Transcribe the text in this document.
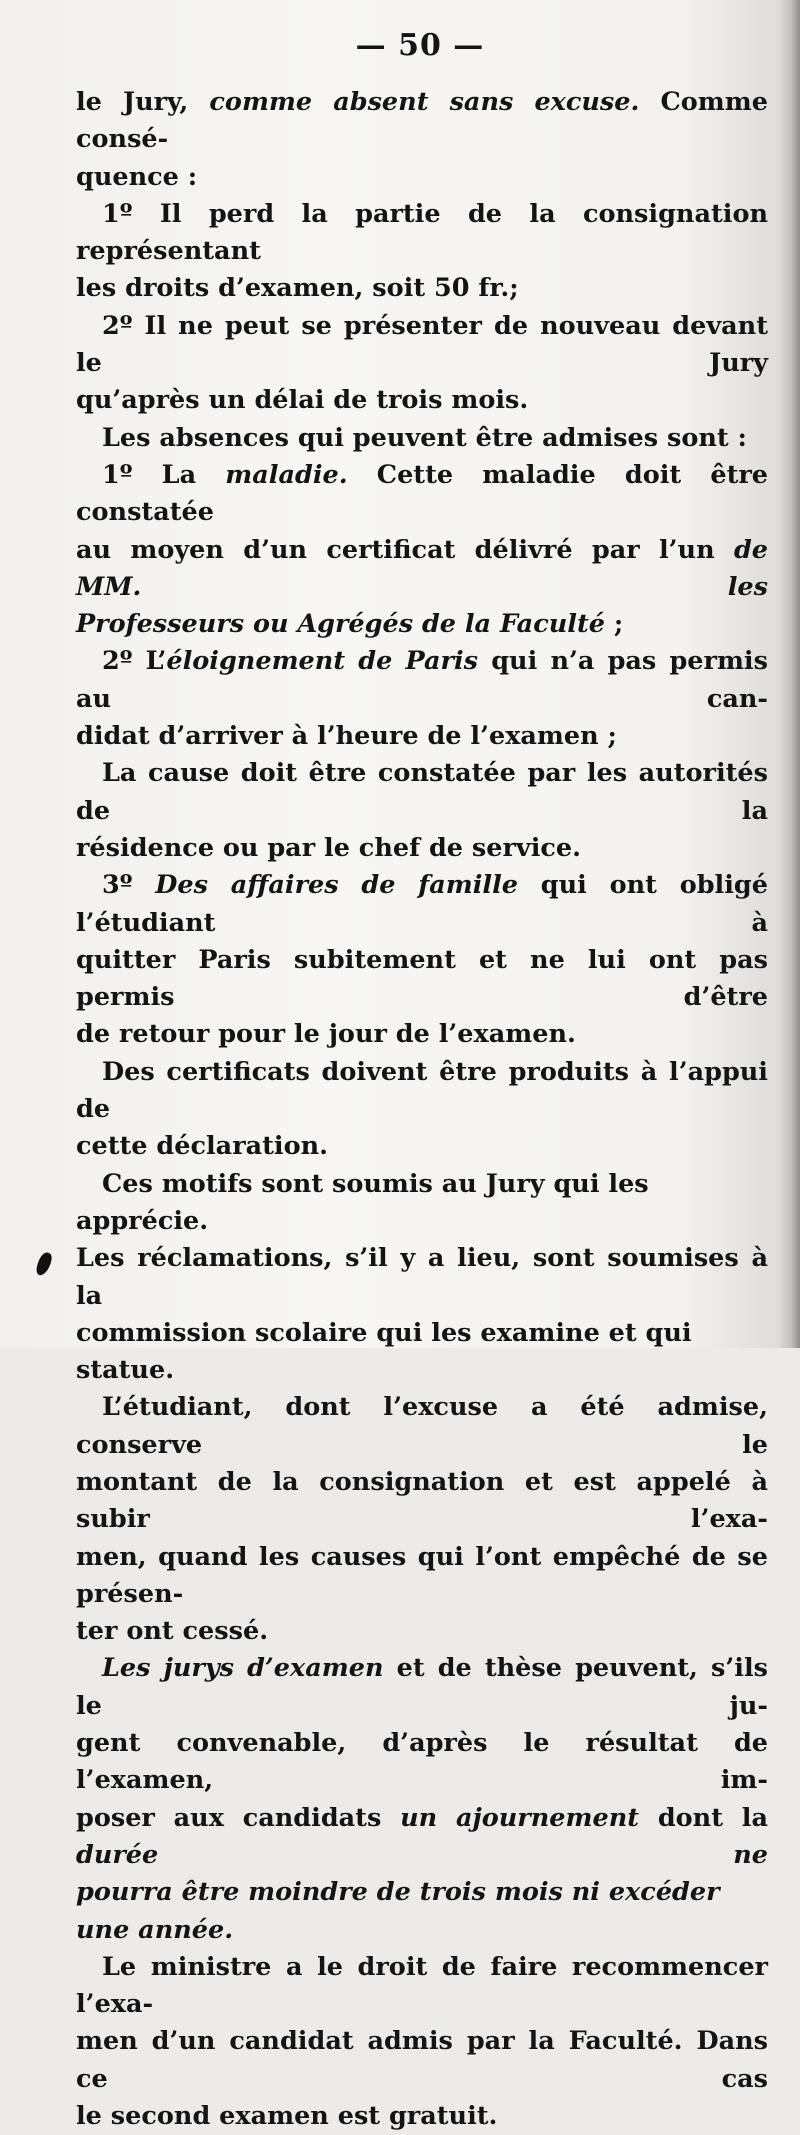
— 50 —

le Jury, comme absent sans excuse. Comme consé-

quence :

1º Il perd la partie de la consignation représentant

les droits d’examen, soit 50 fr.;

2º Il ne peut se présenter de nouveau devant le Jury

qu’après un délai de trois mois.

Les absences qui peuvent être admises sont :

1º La maladie. Cette maladie doit être constatée

au moyen d’un certificat délivré par l’un de MM. les

Professeurs ou Agrégés de la Faculté ;

2º L’éloignement de Paris qui n’a pas permis au can-

didat d’arriver à l’heure de l’examen ;

La cause doit être constatée par les autorités de la

résidence ou par le chef de service.

3º Des affaires de famille qui ont obligé l’étudiant à

quitter Paris subitement et ne lui ont pas permis d’être

de retour pour le jour de l’examen.

Des certificats doivent être produits à l’appui de

cette déclaration.

Ces motifs sont soumis au Jury qui les apprécie.

Les réclamations, s’il y a lieu, sont soumises à la

commission scolaire qui les examine et qui statue.

L’étudiant, dont l’excuse a été admise, conserve le

montant de la consignation et est appelé à subir l’exa-

men, quand les causes qui l’ont empêché de se présen-

ter ont cessé.

Les jurys d’examen et de thèse peuvent, s’ils le ju-

gent convenable, d’après le résultat de l’examen, im-

poser aux candidats un ajournement dont la durée ne

pourra être moindre de trois mois ni excéder une année.

Le ministre a le droit de faire recommencer l’exa-

men d’un candidat admis par la Faculté. Dans ce cas

le second examen est gratuit.
